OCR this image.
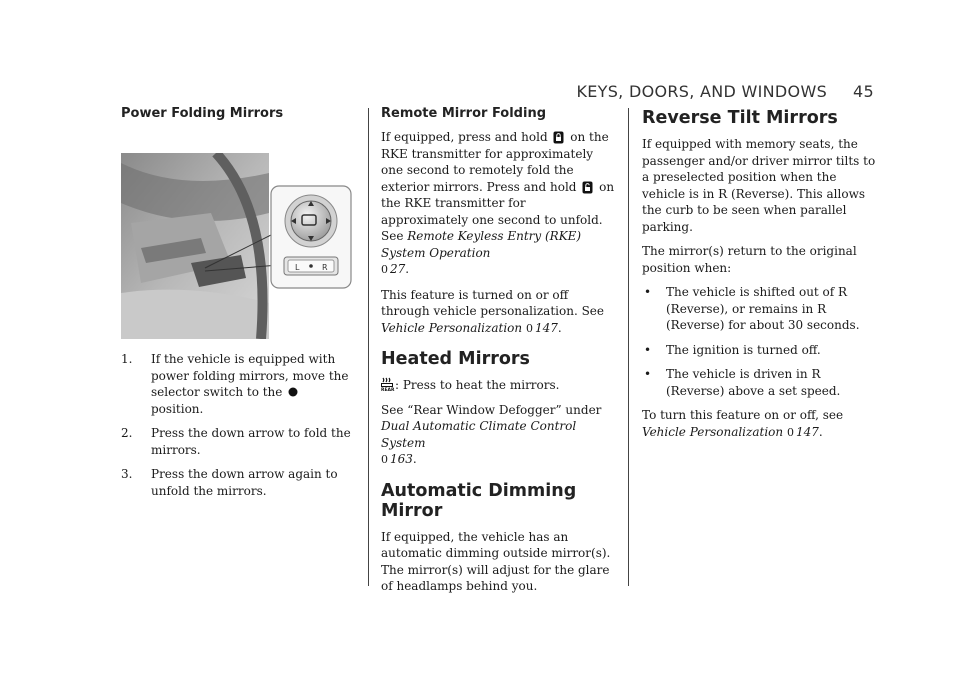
KEYS, DOORS, AND WINDOWS 45
Power Folding Mirrors
L	R
1.	If the vehicle is equipped with power folding mirrors, move the selector switch to the  position.
2.	Press the down arrow to fold the mirrors.
3.	Press the down arrow again to unfold the mirrors.
Remote Mirror Folding

If equipped, press and hold on the RKE transmitter for approximately one second to remotely fold the exterior mirrors. Press and hold on the RKE transmitter for approximately one second to unfold. See Remote Keyless Entry (RKE) System Operation
0 27.

This feature is turned on or off through vehicle personalization. See Vehicle Personalization 0 147.

Heated Mirrors

REAR : Press to heat the mirrors.

See “Rear Window Defogger” under
Dual Automatic Climate Control System
0 163.

Automatic Dimming Mirror

If equipped, the vehicle has an automatic dimming outside mirror(s). The mirror(s) will adjust for the glare of headlamps behind you.

Reverse Tilt Mirrors

If equipped with memory seats, the passenger and/or driver mirror tilts to a preselected position when the vehicle is in R (Reverse). This allows the curb to be seen when parallel parking.

The mirror(s) return to the original position when:

•	The vehicle is shifted out of R (Reverse), or remains in R (Reverse) for about 30 seconds.
•	The ignition is turned off.
•	The vehicle is driven in R (Reverse) above a set speed.

To turn this feature on or off, see
Vehicle Personalization 0 147.
